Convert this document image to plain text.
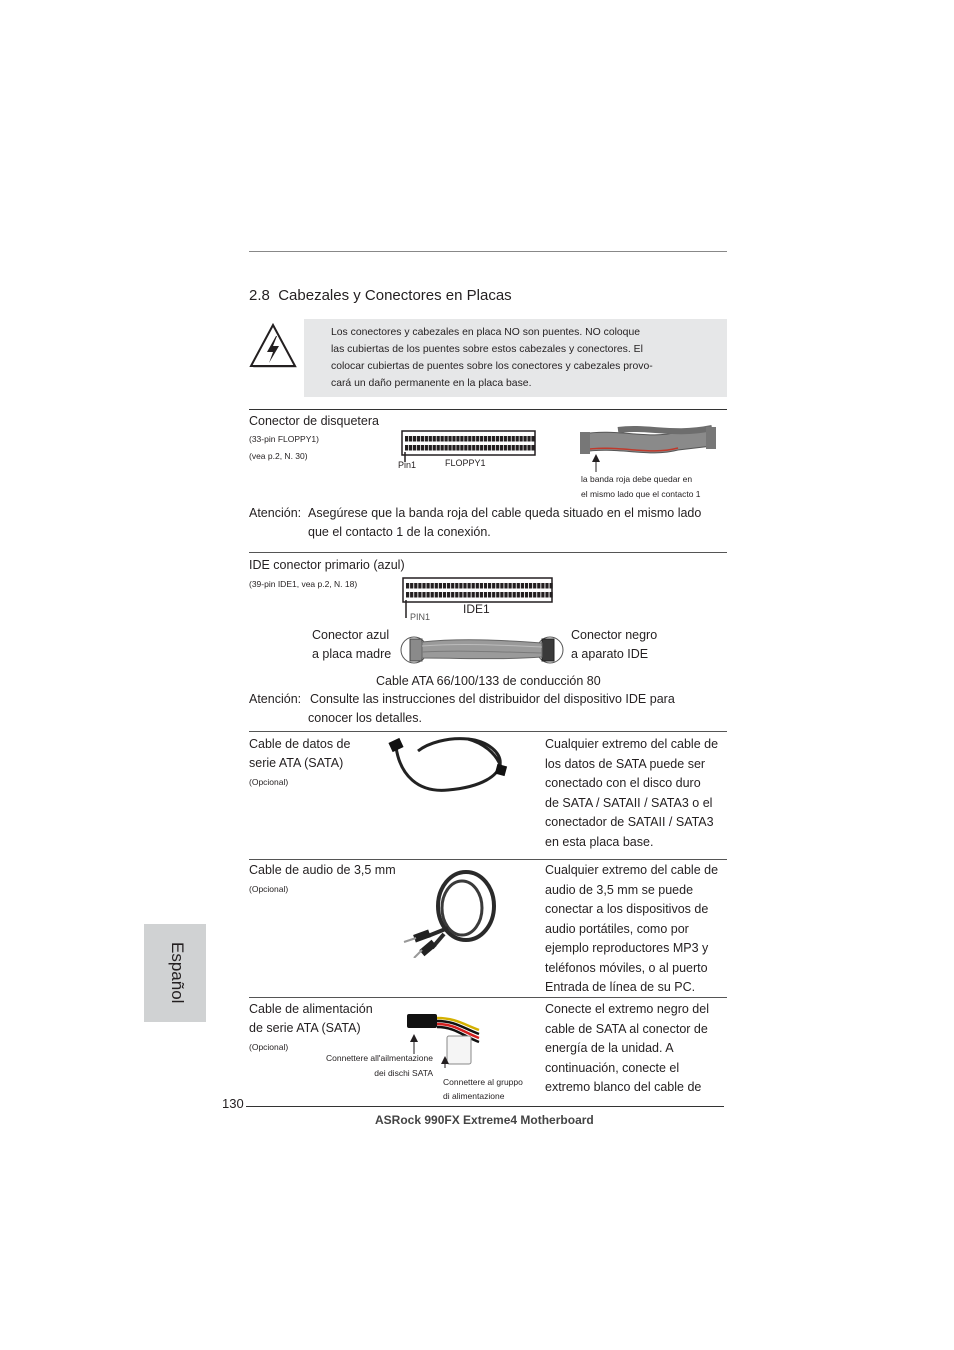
2.8 Cabezales y Conectores en Placas
Los conectores y cabezales en placa NO son puentes. NO coloque
las cubiertas de los puentes sobre estos cabezales y conectores. El
colocar cubiertas de puentes sobre los conectores y cabezales provo-
cará un daño permanente en la placa base.
Conector de disquetera
(33-pin FLOPPY1)
(vea p.2, N. 30)
Pin1	FLOPPY1
la banda roja debe quedar en
el mismo lado que el contacto 1
Atención: Asegúrese que la banda roja del cable queda situado en el mismo lado
que el contacto 1 de la conexión.
IDE conector primario (azul)
(39-pin IDE1, vea p.2, N. 18)
PIN1
IDE1
Conector azul
a placa madre
Conector negro
a aparato IDE
Cable ATA 66/100/133 de conducción 80
Atención: Consulte las instrucciones del distribuidor del dispositivo IDE para
conocer los detalles.
Cable de datos de
serie ATA (SATA)
(Opcional)
Cualquier extremo del cable de
los datos de SATA puede ser
conectado con el disco duro
de SATA / SATAII / SATA3 o el
conectador de SATAII / SATA3
en esta placa base.
Cable de audio de 3,5 mm
(Opcional)
Cualquier extremo del cable de
audio de 3,5 mm se puede
conectar a los dispositivos de
audio portátiles, como por
ejemplo reproductores MP3 y
teléfonos móviles, o al puerto
Entrada de línea de su PC.
Cable de alimentación
de serie ATA (SATA)
(Opcional)
Connettere all'ailmentazione
dei dischi SATA
Connettere al gruppo
di alimentazione
Conecte el extremo negro del
cable de SATA al conector de
energía de la unidad. A
continuación, conecte el
extremo blanco del cable de
Español
130
ASRock 990FX Extreme4 Motherboard
